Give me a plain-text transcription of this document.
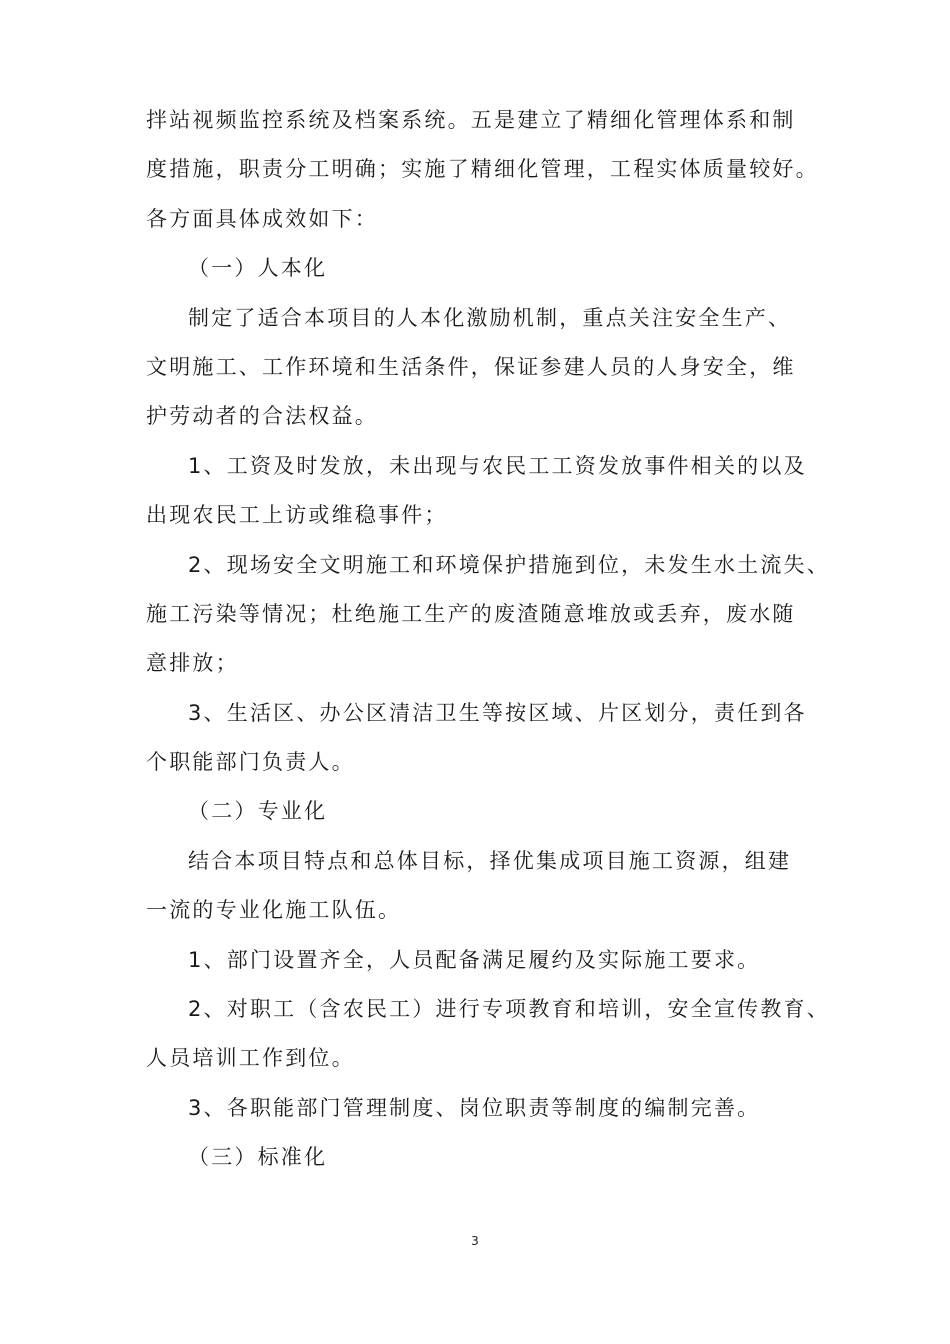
拌站视频监控系统及档案系统。五是建立了精细化管理体系和制
度措施，职责分工明确；实施了精细化管理，工程实体质量较好。
各方面具体成效如下：
（一）人本化
制定了适合本项目的人本化激励机制，重点关注安全生产、
文明施工、工作环境和生活条件，保证参建人员的人身安全，维
护劳动者的合法权益。
1、工资及时发放，未出现与农民工工资发放事件相关的以及
出现农民工上访或维稳事件；
2、现场安全文明施工和环境保护措施到位，未发生水土流失、
施工污染等情况；杜绝施工生产的废渣随意堆放或丢弃，废水随
意排放；
3、生活区、办公区清洁卫生等按区域、片区划分，责任到各
个职能部门负责人。
（二）专业化
结合本项目特点和总体目标，择优集成项目施工资源，组建
一流的专业化施工队伍。
1、部门设置齐全，人员配备满足履约及实际施工要求。
2、对职工（含农民工）进行专项教育和培训，安全宣传教育、
人员培训工作到位。
3、各职能部门管理制度、岗位职责等制度的编制完善。
（三）标准化
3
